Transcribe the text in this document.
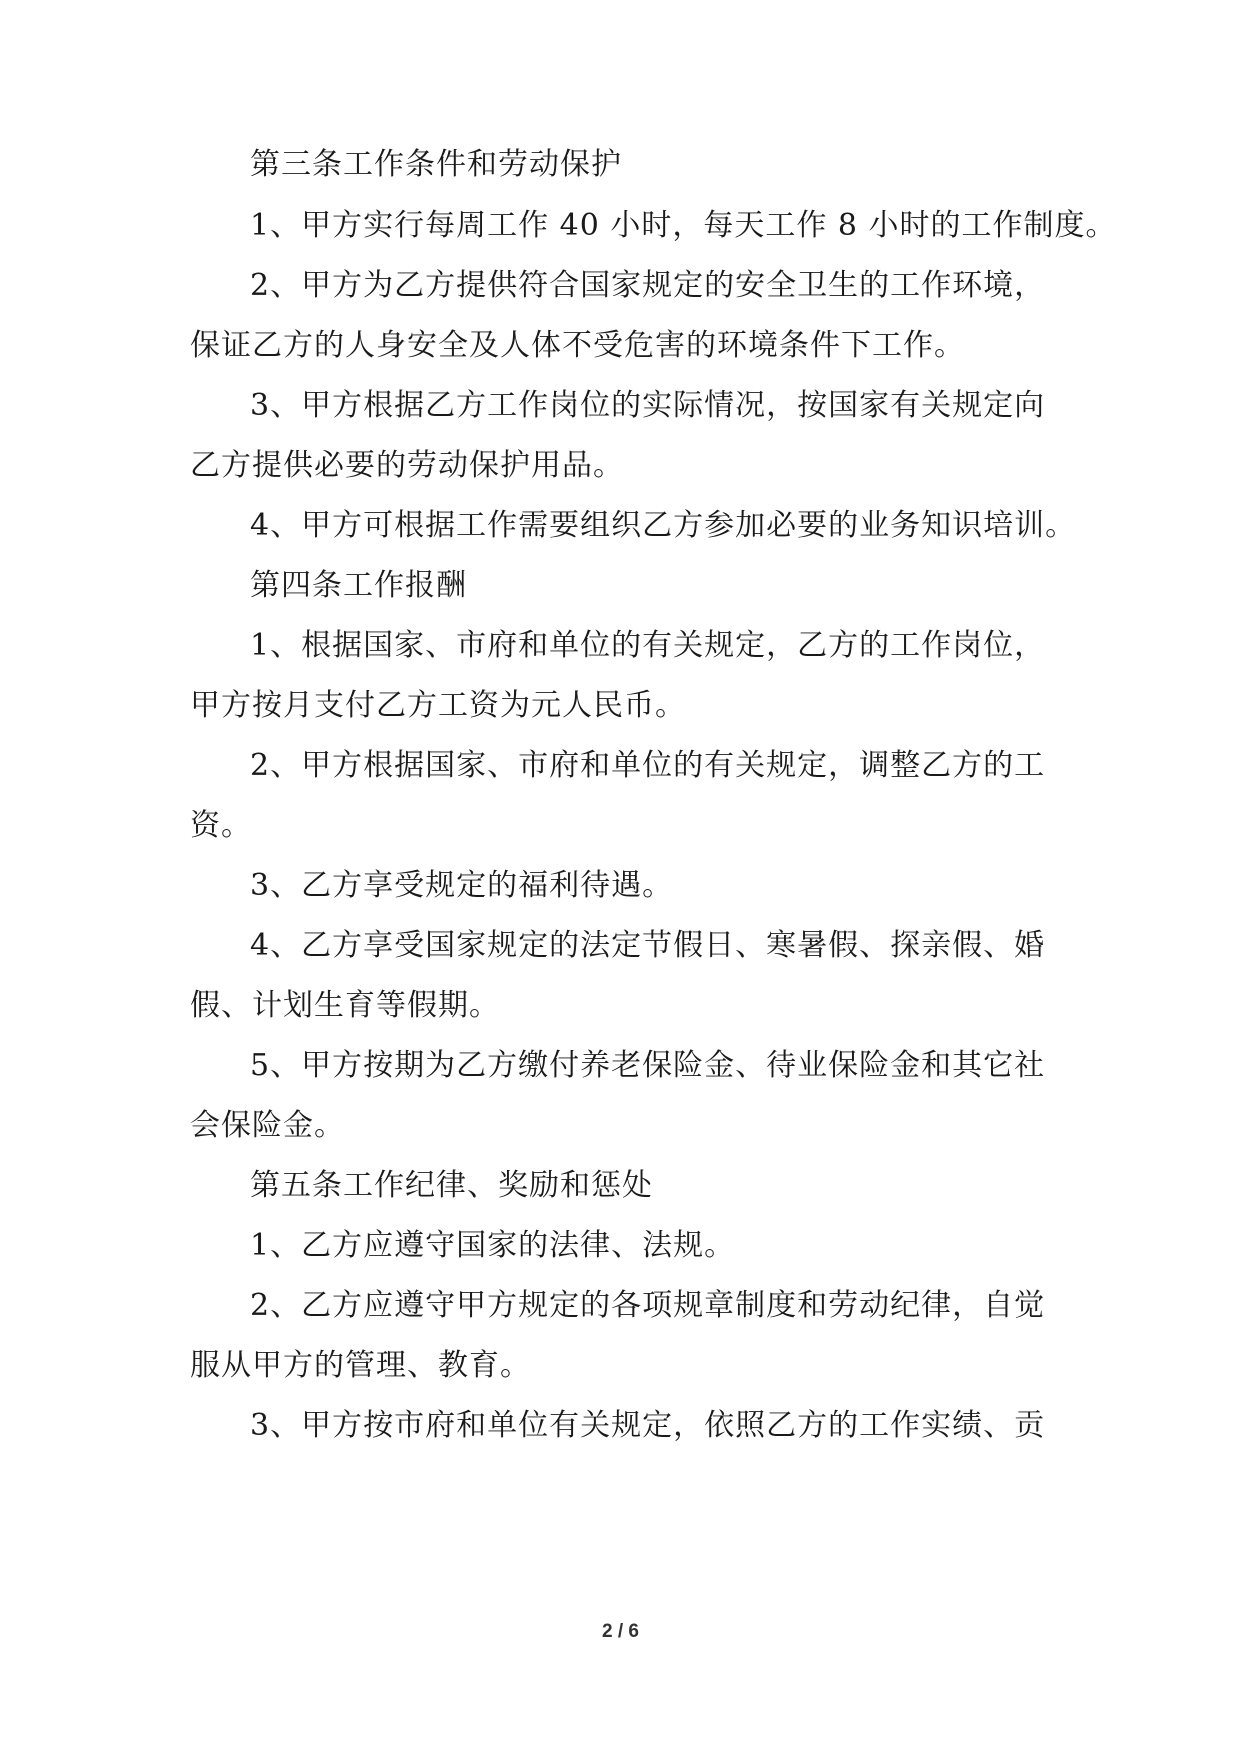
第三条工作条件和劳动保护
1、甲方实行每周工作 40 小时，每天工作 8 小时的工作制度。
2、甲方为乙方提供符合国家规定的安全卫生的工作环境，
保证乙方的人身安全及人体不受危害的环境条件下工作。
3、甲方根据乙方工作岗位的实际情况，按国家有关规定向
乙方提供必要的劳动保护用品。
4、甲方可根据工作需要组织乙方参加必要的业务知识培训。
第四条工作报酬
1、根据国家、市府和单位的有关规定，乙方的工作岗位，
甲方按月支付乙方工资为元人民币。
2、甲方根据国家、市府和单位的有关规定，调整乙方的工
资。
3、乙方享受规定的福利待遇。
4、乙方享受国家规定的法定节假日、寒暑假、探亲假、婚
假、计划生育等假期。
5、甲方按期为乙方缴付养老保险金、待业保险金和其它社
会保险金。
第五条工作纪律、奖励和惩处
1、乙方应遵守国家的法律、法规。
2、乙方应遵守甲方规定的各项规章制度和劳动纪律，自觉
服从甲方的管理、教育。
3、甲方按市府和单位有关规定，依照乙方的工作实绩、贡
2 / 6
